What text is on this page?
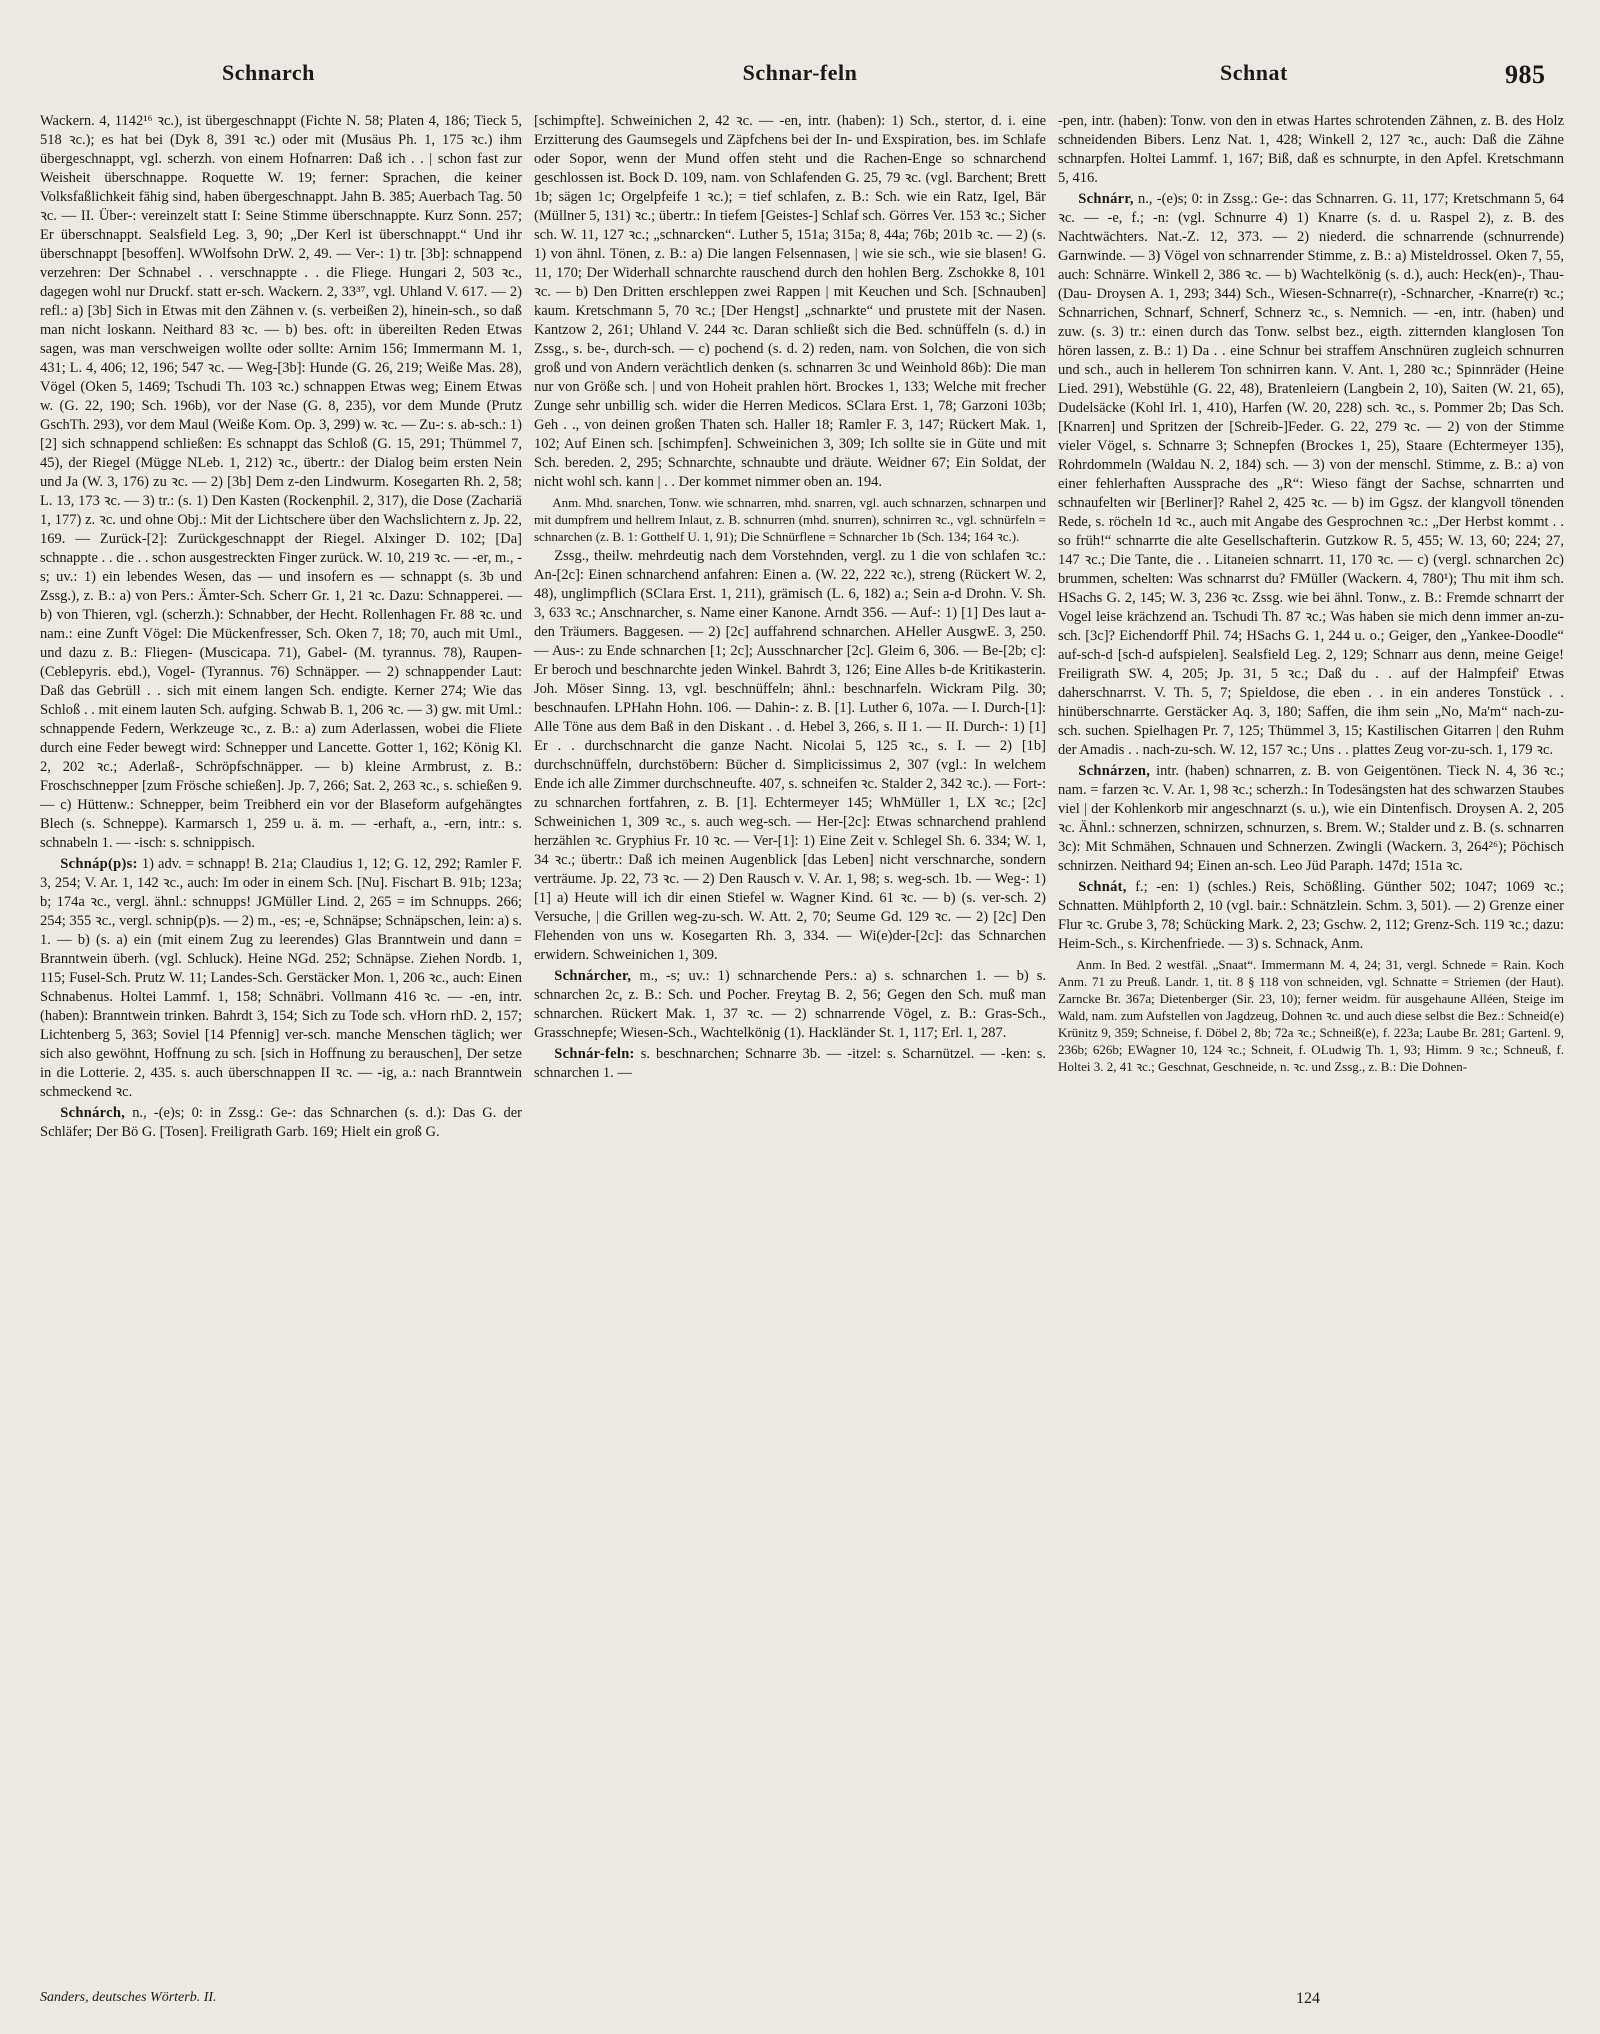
Schnarch	Schnar-feln	Schnat	985

Wackern. 4, 1142¹⁶ ꝛc.), ist übergeschnappt (Fichte N. 58; Platen 4, 186; Tieck 5, 518 ꝛc.); es hat bei (Dyk 8, 391 ꝛc.) oder mit (Musäus Ph. 1, 175 ꝛc.) ihm übergeschnappt, vgl. scherzh. von einem Hofnarren: Daß ich . . | schon fast zur Weisheit überschnappe. Roquette W. 19; ferner: Sprachen, die keiner Volksfaßlichkeit fähig sind, haben übergeschnappt. Jahn B. 385; Auerbach Tag. 50 ꝛc. — II. Über-: vereinzelt statt I: Seine Stimme überschnappte. Kurz Sonn. 257; Er überschnappt. Sealsfield Leg. 3, 90; „Der Kerl ist überschnappt.“ Und ihr überschnappt [besoffen]. WWolfsohn DrW. 2, 49. — Ver-: 1) tr. [3b]: schnappend verzehren: Der Schnabel . . verschnappte . . die Fliege. Hungari 2, 503 ꝛc., dagegen wohl nur Druckf. statt er-sch. Wackern. 2, 33³⁷, vgl. Uhland V. 617. — 2) refl.: a) [3b] Sich in Etwas mit den Zähnen v. (s. verbeißen 2), hinein-sch., so daß man nicht loskann. Neithard 83 ꝛc. — b) bes. oft: in übereilten Reden Etwas sagen, was man verschweigen wollte oder sollte: Arnim 156; Immermann M. 1, 431; L. 4, 406; 12, 196; 547 ꝛc. — Weg-[3b]: Hunde (G. 26, 219; Weiße Mas. 28), Vögel (Oken 5, 1469; Tschudi Th. 103 ꝛc.) schnappen Etwas weg; Einem Etwas w. (G. 22, 190; Sch. 196b), vor der Nase (G. 8, 235), vor dem Munde (Prutz GschTh. 293), vor dem Maul (Weiße Kom. Op. 3, 299) w. ꝛc. — Zu-: s. ab-sch.: 1) [2] sich schnappend schließen: Es schnappt das Schloß (G. 15, 291; Thümmel 7, 45), der Riegel (Mügge NLeb. 1, 212) ꝛc., übertr.: der Dialog beim ersten Nein und Ja (W. 3, 176) zu ꝛc. — 2) [3b] Dem z-den Lindwurm. Kosegarten Rh. 2, 58; L. 13, 173 ꝛc. — 3) tr.: (s. 1) Den Kasten (Rockenphil. 2, 317), die Dose (Zachariä 1, 177) z. ꝛc. und ohne Obj.: Mit der Lichtschere über den Wachslichtern z. Jp. 22, 169. — Zurück-[2]: Zurückgeschnappt der Riegel. Alxinger D. 102; [Da] schnappte . . die . . schon ausgestreckten Finger zurück. W. 10, 219 ꝛc. — -er, m., -s; uv.: 1) ein lebendes Wesen, das — und insofern es — schnappt (s. 3b und Zssg.), z. B.: a) von Pers.: Ämter-Sch. Scherr Gr. 1, 21 ꝛc. Dazu: Schnapperei. — b) von Thieren, vgl. (scherzh.): Schnabber, der Hecht. Rollenhagen Fr. 88 ꝛc. und nam.: eine Zunft Vögel: Die Mückenfresser, Sch. Oken 7, 18; 70, auch mit Uml., und dazu z. B.: Fliegen- (Muscicapa. 71), Gabel- (M. tyrannus. 78), Raupen- (Ceblepyris. ebd.), Vogel- (Tyrannus. 76) Schnäpper. — 2) schnappender Laut: Daß das Gebrüll . . sich mit einem langen Sch. endigte. Kerner 274; Wie das Schloß . . mit einem lauten Sch. aufging. Schwab B. 1, 206 ꝛc. — 3) gw. mit Uml.: schnappende Federn, Werkzeuge ꝛc., z. B.: a) zum Aderlassen, wobei die Fliete durch eine Feder bewegt wird: Schnepper und Lancette. Gotter 1, 162; König Kl. 2, 202 ꝛc.; Aderlaß-, Schröpfschnäpper. — b) kleine Armbrust, z. B.: Froschschnepper [zum Frösche schießen]. Jp. 7, 266; Sat. 2, 263 ꝛc., s. schießen 9. — c) Hüttenw.: Schnepper, beim Treibherd ein vor der Blaseform aufgehängtes Blech (s. Schneppe). Karmarsch 1, 259 u. ä. m. — -erhaft, a., -ern, intr.: s. schnabeln 1. — -isch: s. schnippisch.

Schnáp(p)s: 1) adv. = schnapp! B. 21a; Claudius 1, 12; G. 12, 292; Ramler F. 3, 254; V. Ar. 1, 142 ꝛc., auch: Im oder in einem Sch. [Nu]. Fischart B. 91b; 123a; b; 174a ꝛc., vergl. ähnl.: schnupps! JGMüller Lind. 2, 265 = im Schnupps. 266; 254; 355 ꝛc., vergl. schnip(p)s. — 2) m., -es; -e, Schnäpse; Schnäpschen, lein: a) s. 1. — b) (s. a) ein (mit einem Zug zu leerendes) Glas Branntwein und dann = Branntwein überh. (vgl. Schluck). Heine NGd. 252; Schnäpse. Ziehen Nordb. 1, 115; Fusel-Sch. Prutz W. 11; Landes-Sch. Gerstäcker Mon. 1, 206 ꝛc., auch: Einen Schnabenus. Holtei Lammf. 1, 158; Schnäbri. Vollmann 416 ꝛc. — -en, intr. (haben): Branntwein trinken. Bahrdt 3, 154; Sich zu Tode sch. vHorn rhD. 2, 157; Lichtenberg 5, 363; Soviel [14 Pfennig] ver-sch. manche Menschen täglich; wer sich also gewöhnt, Hoffnung zu sch. [sich in Hoffnung zu berauschen], Der setze in die Lotterie. 2, 435. s. auch überschnappen II ꝛc. — -ig, a.: nach Branntwein schmeckend ꝛc.

Schnárch, n., -(e)s; 0: in Zssg.: Ge-: das Schnarchen (s. d.): Das G. der Schläfer; Der Bö G. [Tosen]. Freiligrath Garb. 169; Hielt ein groß G.

[schimpfte]. Schweinichen 2, 42 ꝛc. — -en, intr. (haben): 1) Sch., stertor, d. i. eine Erzitterung des Gaumsegels und Zäpfchens bei der In- und Exspiration, bes. im Schlafe oder Sopor, wenn der Mund offen steht und die Rachen-Enge so schnarchend geschlossen ist. Bock D. 109, nam. von Schlafenden G. 25, 79 ꝛc. (vgl. Barchent; Brett 1b; sägen 1c; Orgelpfeife 1 ꝛc.); = tief schlafen, z. B.: Sch. wie ein Ratz, Igel, Bär (Müllner 5, 131) ꝛc.; übertr.: In tiefem [Geistes-] Schlaf sch. Görres Ver. 153 ꝛc.; Sicher sch. W. 11, 127 ꝛc.; „schnarcken“. Luther 5, 151a; 315a; 8, 44a; 76b; 201b ꝛc. — 2) (s. 1) von ähnl. Tönen, z. B.: a) Die langen Felsennasen, | wie sie sch., wie sie blasen! G. 11, 170; Der Widerhall schnarchte rauschend durch den hohlen Berg. Zschokke 8, 101 ꝛc. — b) Den Dritten erschleppen zwei Rappen | mit Keuchen und Sch. [Schnauben] kaum. Kretschmann 5, 70 ꝛc.; [Der Hengst] „schnarkte“ und prustete mit der Nasen. Kantzow 2, 261; Uhland V. 244 ꝛc. Daran schließt sich die Bed. schnüffeln (s. d.) in Zssg., s. be-, durch-sch. — c) pochend (s. d. 2) reden, nam. von Solchen, die von sich groß und von Andern verächtlich denken (s. schnarren 3c und Weinhold 86b): Die man nur von Größe sch. | und von Hoheit prahlen hört. Brockes 1, 133; Welche mit frecher Zunge sehr unbillig sch. wider die Herren Medicos. SClara Erst. 1, 78; Garzoni 103b; Geh . ., von deinen großen Thaten sch. Haller 18; Ramler F. 3, 147; Rückert Mak. 1, 102; Auf Einen sch. [schimpfen]. Schweinichen 3, 309; Ich sollte sie in Güte und mit Sch. bereden. 2, 295; Schnarchte, schnaubte und dräute. Weidner 67; Ein Soldat, der nicht wohl sch. kann | . . Der kommet nimmer oben an. 194.

Anm. Mhd. snarchen, Tonw. wie schnarren, mhd. snarren, vgl. auch schnarzen, schnarpen und mit dumpfrem und hellrem Inlaut, z. B. schnurren (mhd. snurren), schnirren ꝛc., vgl. schnürfeln = schnarchen (z. B. 1: Gotthelf U. 1, 91); Die Schnürflene = Schnarcher 1b (Sch. 134; 164 ꝛc.).

Zssg., theilw. mehrdeutig nach dem Vorstehnden, vergl. zu 1 die von schlafen ꝛc.: An-[2c]: Einen schnarchend anfahren: Einen a. (W. 22, 222 ꝛc.), streng (Rückert W. 2, 48), unglimpflich (SClara Erst. 1, 211), grämisch (L. 6, 182) a.; Sein a-d Drohn. V. Sh. 3, 633 ꝛc.; Anschnarcher, s. Name einer Kanone. Arndt 356. — Auf-: 1) [1] Des laut a-den Träumers. Baggesen. — 2) [2c] auffahrend schnarchen. AHeller AusgwE. 3, 250. — Aus-: zu Ende schnarchen [1; 2c]; Ausschnarcher [2c]. Gleim 6, 306. — Be-[2b; c]: Er beroch und beschnarchte jeden Winkel. Bahrdt 3, 126; Eine Alles b-de Kritikasterin. Joh. Möser Sinng. 13, vgl. beschnüffeln; ähnl.: beschnarfeln. Wickram Pilg. 30; beschnaufen. LPHahn Hohn. 106. — Dahin-: z. B. [1]. Luther 6, 107a. — I. Durch-[1]: Alle Töne aus dem Baß in den Diskant . . d. Hebel 3, 266, s. II 1. — II. Durch-: 1) [1] Er . . durchschnarcht die ganze Nacht. Nicolai 5, 125 ꝛc., s. I. — 2) [1b] durchschnüffeln, durchstöbern: Bücher d. Simplicissimus 2, 307 (vgl.: In welchem Ende ich alle Zimmer durchschneufte. 407, s. schneifen ꝛc. Stalder 2, 342 ꝛc.). — Fort-: zu schnarchen fortfahren, z. B. [1]. Echtermeyer 145; WhMüller 1, LX ꝛc.; [2c] Schweinichen 1, 309 ꝛc., s. auch weg-sch. — Her-[2c]: Etwas schnarchend prahlend herzählen ꝛc. Gryphius Fr. 10 ꝛc. — Ver-[1]: 1) Eine Zeit v. Schlegel Sh. 6. 334; W. 1, 34 ꝛc.; übertr.: Daß ich meinen Augenblick [das Leben] nicht verschnarche, sondern verträume. Jp. 22, 73 ꝛc. — 2) Den Rausch v. V. Ar. 1, 98; s. weg-sch. 1b. — Weg-: 1) [1] a) Heute will ich dir einen Stiefel w. Wagner Kind. 61 ꝛc. — b) (s. ver-sch. 2) Versuche, | die Grillen weg-zu-sch. W. Att. 2, 70; Seume Gd. 129 ꝛc. — 2) [2c] Den Flehenden von uns w. Kosegarten Rh. 3, 334. — Wi(e)der-[2c]: das Schnarchen erwidern. Schweinichen 1, 309.

Schnárcher, m., -s; uv.: 1) schnarchende Pers.: a) s. schnarchen 1. — b) s. schnarchen 2c, z. B.: Sch. und Pocher. Freytag B. 2, 56; Gegen den Sch. muß man schnarchen. Rückert Mak. 1, 37 ꝛc. — 2) schnarrende Vögel, z. B.: Gras-Sch., Grasschnepfe; Wiesen-Sch., Wachtelkönig (1). Hackländer St. 1, 117; Erl. 1, 287.

Schnár-feln: s. beschnarchen; Schnarre 3b. — -itzel: s. Scharnützel. — -ken: s. schnarchen 1. —

-pen, intr. (haben): Tonw. von den in etwas Hartes schrotenden Zähnen, z. B. des Holz schneidenden Bibers. Lenz Nat. 1, 428; Winkell 2, 127 ꝛc., auch: Daß die Zähne schnarpfen. Holtei Lammf. 1, 167; Biß, daß es schnurpte, in den Apfel. Kretschmann 5, 416.

Schnárr, n., -(e)s; 0: in Zssg.: Ge-: das Schnarren. G. 11, 177; Kretschmann 5, 64 ꝛc. — -e, f.; -n: (vgl. Schnurre 4) 1) Knarre (s. d. u. Raspel 2), z. B. des Nachtwächters. Nat.-Z. 12, 373. — 2) niederd. die schnarrende (schnurrende) Garnwinde. — 3) Vögel von schnarrender Stimme, z. B.: a) Misteldrossel. Oken 7, 55, auch: Schnärre. Winkell 2, 386 ꝛc. — b) Wachtelkönig (s. d.), auch: Heck(en)-, Thau- (Dau- Droysen A. 1, 293; 344) Sch., Wiesen-Schnarre(r), -Schnarcher, -Knarre(r) ꝛc.; Schnarrichen, Schnarf, Schnerf, Schnerz ꝛc., s. Nemnich. — -en, intr. (haben) und zuw. (s. 3) tr.: einen durch das Tonw. selbst bez., eigth. zitternden klanglosen Ton hören lassen, z. B.: 1) Da . . eine Schnur bei straffem Anschnüren zugleich schnurren und sch., auch in hellerem Ton schnirren kann. V. Ant. 1, 280 ꝛc.; Spinnräder (Heine Lied. 291), Webstühle (G. 22, 48), Bratenleiern (Langbein 2, 10), Saiten (W. 21, 65), Dudelsäcke (Kohl Irl. 1, 410), Harfen (W. 20, 228) sch. ꝛc., s. Pommer 2b; Das Sch. [Knarren] und Spritzen der [Schreib-]Feder. G. 22, 279 ꝛc. — 2) von der Stimme vieler Vögel, s. Schnarre 3; Schnepfen (Brockes 1, 25), Staare (Echtermeyer 135), Rohrdommeln (Waldau N. 2, 184) sch. — 3) von der menschl. Stimme, z. B.: a) von einer fehlerhaften Aussprache des „R“: Wieso fängt der Sachse, schnarrten und schnaufelten wir [Berliner]? Rahel 2, 425 ꝛc. — b) im Ggsz. der klangvoll tönenden Rede, s. röcheln 1d ꝛc., auch mit Angabe des Gesprochnen ꝛc.: „Der Herbst kommt . . so früh!“ schnarrte die alte Gesellschafterin. Gutzkow R. 5, 455; W. 13, 60; 224; 27, 147 ꝛc.; Die Tante, die . . Litaneien schnarrt. 11, 170 ꝛc. — c) (vergl. schnarchen 2c) brummen, schelten: Was schnarrst du? FMüller (Wackern. 4, 780¹); Thu mit ihm sch. HSachs G. 2, 145; W. 3, 236 ꝛc. Zssg. wie bei ähnl. Tonw., z. B.: Fremde schnarrt der Vogel leise krächzend an. Tschudi Th. 87 ꝛc.; Was haben sie mich denn immer an-zu-sch. [3c]? Eichendorff Phil. 74; HSachs G. 1, 244 u. o.; Geiger, den „Yankee-Doodle“ auf-sch-d [sch-d aufspielen]. Sealsfield Leg. 2, 129; Schnarr aus denn, meine Geige! Freiligrath SW. 4, 205; Jp. 31, 5 ꝛc.; Daß du . . auf der Halmpfeif' Etwas daherschnarrst. V. Th. 5, 7; Spieldose, die eben . . in ein anderes Tonstück . . hinüberschnarrte. Gerstäcker Aq. 3, 180; Saffen, die ihm sein „No, Ma'm“ nach-zu-sch. suchen. Spielhagen Pr. 7, 125; Thümmel 3, 15; Kastilischen Gitarren | den Ruhm der Amadis . . nach-zu-sch. W. 12, 157 ꝛc.; Uns . . plattes Zeug vor-zu-sch. 1, 179 ꝛc.

Schnárzen, intr. (haben) schnarren, z. B. von Geigentönen. Tieck N. 4, 36 ꝛc.; nam. = farzen ꝛc. V. Ar. 1, 98 ꝛc.; scherzh.: In Todesängsten hat des schwarzen Staubes viel | der Kohlenkorb mir angeschnarzt (s. u.), wie ein Dintenfisch. Droysen A. 2, 205 ꝛc. Ähnl.: schnerzen, schnirzen, schnurzen, s. Brem. W.; Stalder und z. B. (s. schnarren 3c): Mit Schmähen, Schnauen und Schnerzen. Zwingli (Wackern. 3, 264²⁶); Pöchisch schnirzen. Neithard 94; Einen an-sch. Leo Jüd Paraph. 147d; 151a ꝛc.

Schnát, f.; -en: 1) (schles.) Reis, Schößling. Günther 502; 1047; 1069 ꝛc.; Schnatten. Mühlpforth 2, 10 (vgl. bair.: Schnätzlein. Schm. 3, 501). — 2) Grenze einer Flur ꝛc. Grube 3, 78; Schücking Mark. 2, 23; Gschw. 2, 112; Grenz-Sch. 119 ꝛc.; dazu: Heim-Sch., s. Kirchenfriede. — 3) s. Schnack, Anm.

Anm. In Bed. 2 westfäl. „Snaat“. Immermann M. 4, 24; 31, vergl. Schnede = Rain. Koch Anm. 71 zu Preuß. Landr. 1, tit. 8 § 118 von schneiden, vgl. Schnatte = Striemen (der Haut). Zarncke Br. 367a; Dietenberger (Sir. 23, 10); ferner weidm. für ausgehaune Alléen, Steige im Wald, nam. zum Aufstellen von Jagdzeug, Dohnen ꝛc. und auch diese selbst die Bez.: Schneid(e) Krünitz 9, 359; Schneise, f. Döbel 2, 8b; 72a ꝛc.; Schneiß(e), f. 223a; Laube Br. 281; Gartenl. 9, 236b; 626b; EWagner 10, 124 ꝛc.; Schneit, f. OLudwig Th. 1, 93; Himm. 9 ꝛc.; Schneuß, f. Holtei 3. 2, 41 ꝛc.; Geschnat, Geschneide, n. ꝛc. und Zssg., z. B.: Die Dohnen-

Sanders, deutsches Wörterb. II.	124
